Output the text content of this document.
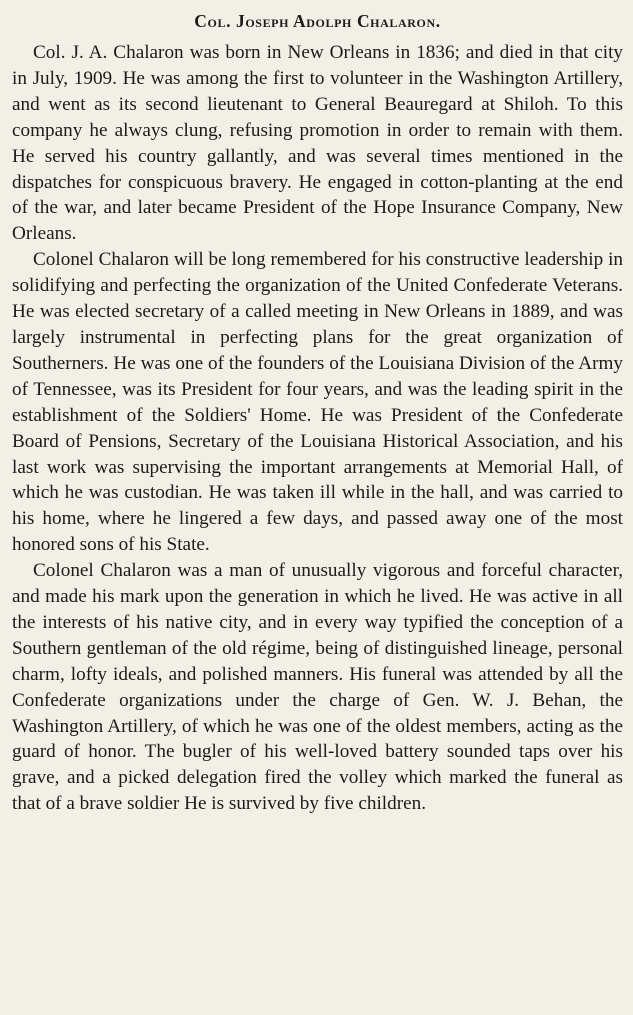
Col. Joseph Adolph Chalaron.

Col. J. A. Chalaron was born in New Orleans in 1836; and died in that city in July, 1909. He was among the first to volunteer in the Washington Artillery, and went as its second lieutenant to General Beauregard at Shiloh. To this company he always clung, refusing promotion in order to remain with them. He served his country gallantly, and was several times mentioned in the dispatches for conspicuous bravery. He engaged in cotton-planting at the end of the war, and later became President of the Hope Insurance Company, New Orleans.

Colonel Chalaron will be long remembered for his constructive leadership in solidifying and perfecting the organization of the United Confederate Veterans. He was elected secretary of a called meeting in New Orleans in 1889, and was largely instrumental in perfecting plans for the great organization of Southerners. He was one of the founders of the Louisiana Division of the Army of Tennessee, was its President for four years, and was the leading spirit in the establishment of the Soldiers' Home. He was President of the Confederate Board of Pensions, Secretary of the Louisiana Historical Association, and his last work was supervising the important arrangements at Memorial Hall, of which he was custodian. He was taken ill while in the hall, and was carried to his home, where he lingered a few days, and passed away one of the most honored sons of his State.

Colonel Chalaron was a man of unusually vigorous and forceful character, and made his mark upon the generation in which he lived. He was active in all the interests of his native city, and in every way typified the conception of a Southern gentleman of the old régime, being of distinguished lineage, personal charm, lofty ideals, and polished manners. His funeral was attended by all the Confederate organizations under the charge of Gen. W. J. Behan, the Washington Artillery, of which he was one of the oldest members, acting as the guard of honor. The bugler of his well-loved battery sounded taps over his grave, and a picked delegation fired the volley which marked the funeral as that of a brave soldier He is survived by five children.
